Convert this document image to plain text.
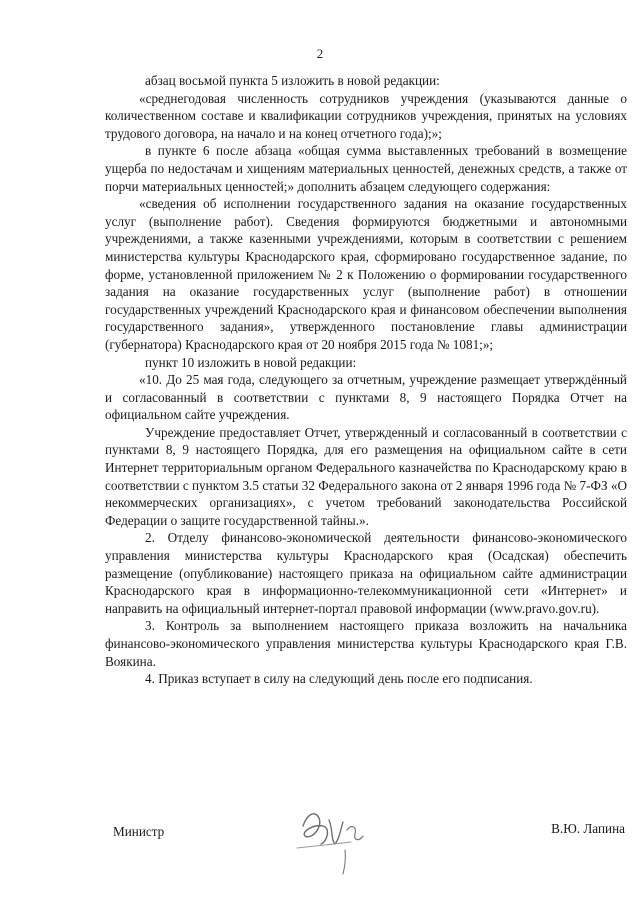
2

абзац восьмой пункта 5 изложить в новой редакции:

«среднегодовая численность сотрудников учреждения (указываются данные о количественном составе и квалификации сотрудников учреждения, принятых на условиях трудового договора, на начало и на конец отчетного года);»;

в пункте 6 после абзаца «общая сумма выставленных требований в возмещение ущерба по недостачам и хищениям материальных ценностей, денежных средств, а также от порчи материальных ценностей;» дополнить абзацем следующего содержания:

«сведения об исполнении государственного задания на оказание государственных услуг (выполнение работ). Сведения формируются бюджетными и автономными учреждениями, а также казенными учреждениями, которым в соответствии с решением министерства культуры Краснодарского края, сформировано государственное задание, по форме, установленной приложением № 2 к Положению о формировании государственного задания на оказание государственных услуг (выполнение работ) в отношении государственных учреждений Краснодарского края и финансовом обеспечении выполнения государственного задания», утвержденного постановление главы администрации (губернатора) Краснодарского края от 20 ноября 2015 года № 1081;»;

пункт 10 изложить в новой редакции:

«10. До 25 мая года, следующего за отчетным, учреждение размещает утверждённый и согласованный в соответствии с пунктами 8, 9 настоящего Порядка Отчет на официальном сайте учреждения.

Учреждение предоставляет Отчет, утвержденный и согласованный в соответствии с пунктами 8, 9 настоящего Порядка, для его размещения на официальном сайте в сети Интернет территориальным органом Федерального казначейства по Краснодарскому краю в соответствии с пунктом 3.5 статьи 32 Федерального закона от 2 января 1996 года № 7-ФЗ «О некоммерческих организациях», с учетом требований законодательства Российской Федерации о защите государственной тайны.».

2. Отделу финансово-экономической деятельности финансово-экономического управления министерства культуры Краснодарского края (Осадская) обеспечить размещение (опубликование) настоящего приказа на официальном сайте администрации Краснодарского края в информационно-телекоммуникационной сети «Интернет» и направить на официальный интернет-портал правовой информации (www.pravo.gov.ru).

3. Контроль за выполнением настоящего приказа возложить на начальника финансово-экономического управления министерства культуры Краснодарского края Г.В. Воякина.

4. Приказ вступает в силу на следующий день после его подписания.

Министр	В.Ю. Лапина
